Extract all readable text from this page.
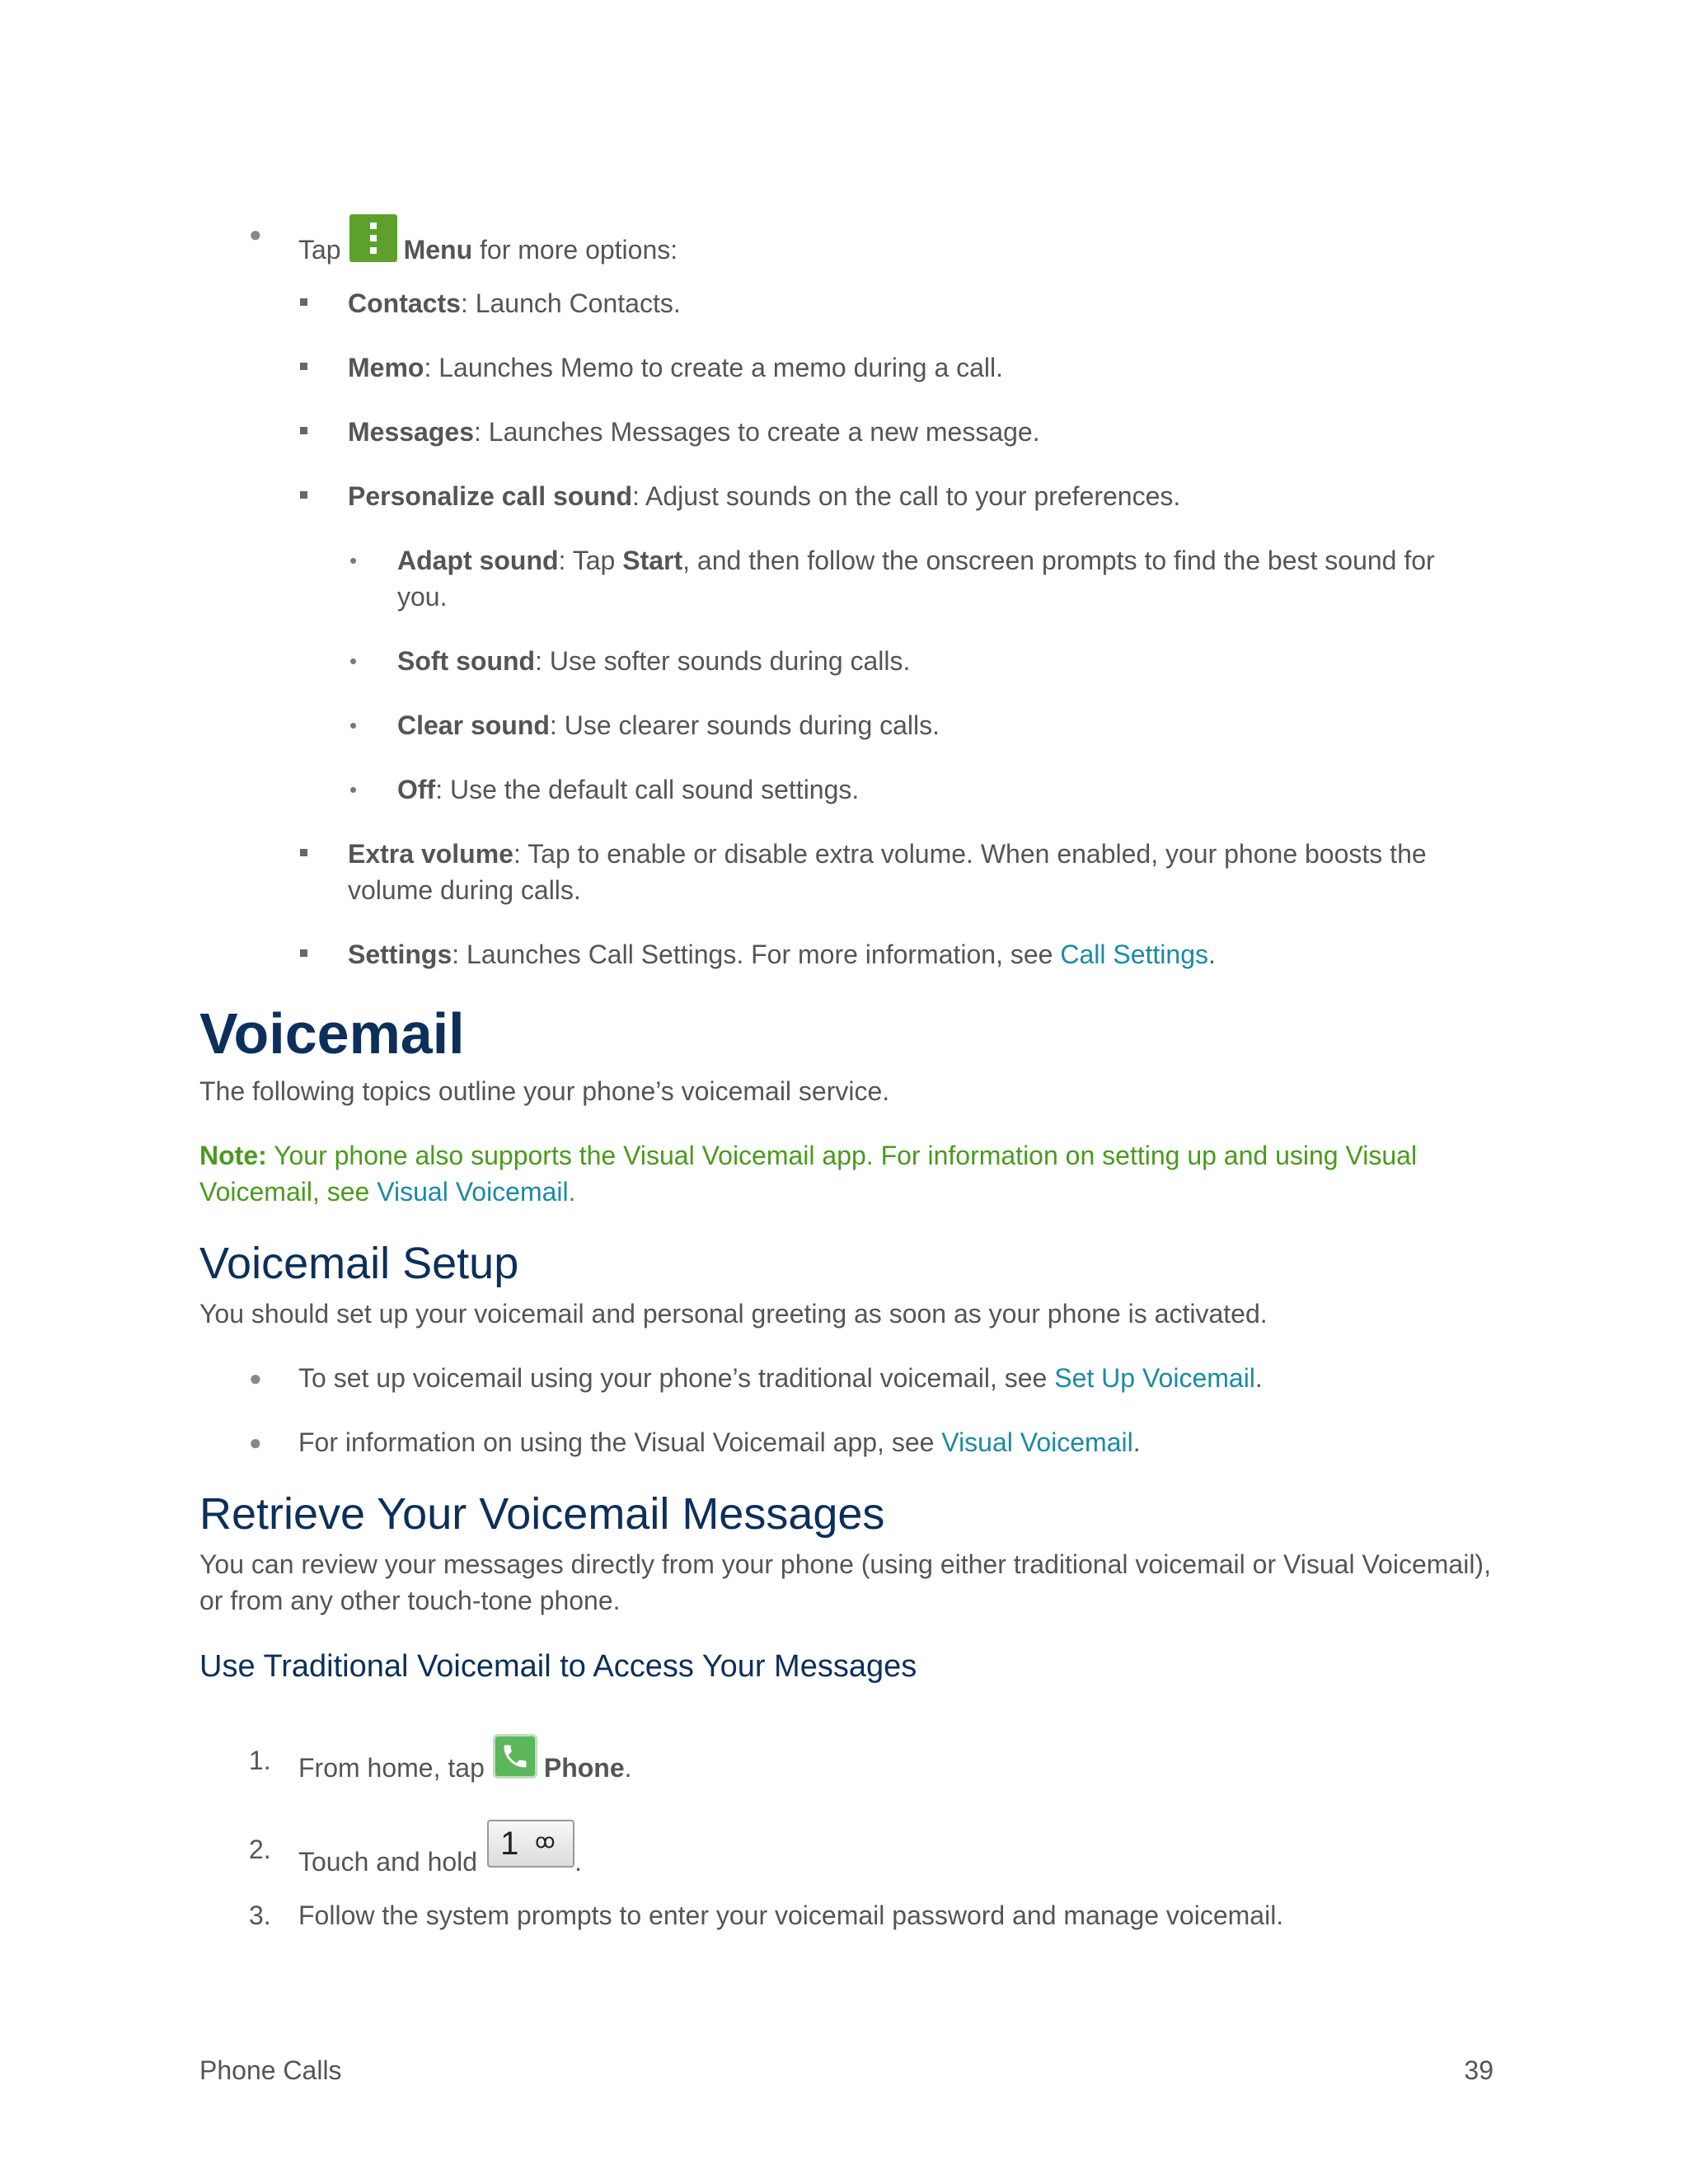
●
Tap Menu for more options:
Contacts: Launch Contacts.
Memo: Launches Memo to create a memo during a call.
Messages: Launches Messages to create a new message.
Personalize call sound: Adjust sounds on the call to your preferences.
• Adapt sound: Tap Start, and then follow the onscreen prompts to find the best sound for you.
• Soft sound: Use softer sounds during calls.
• Clear sound: Use clearer sounds during calls.
• Off: Use the default call sound settings.
Extra volume: Tap to enable or disable extra volume. When enabled, your phone boosts the volume during calls.
Settings: Launches Call Settings. For more information, see Call Settings.
Voicemail
The following topics outline your phone’s voicemail service.
Note: Your phone also supports the Visual Voicemail app. For information on setting up and using Visual Voicemail, see Visual Voicemail.
Voicemail Setup
You should set up your voicemail and personal greeting as soon as your phone is activated.
● To set up voicemail using your phone’s traditional voicemail, see Set Up Voicemail.
● For information on using the Visual Voicemail app, see Visual Voicemail.
Retrieve Your Voicemail Messages
You can review your messages directly from your phone (using either traditional voicemail or Visual Voicemail), or from any other touch-tone phone.
Use Traditional Voicemail to Access Your Messages
1. From home, tap Phone.
2. Touch and hold 1 ꝏ
.
3. Follow the system prompts to enter your voicemail password and manage voicemail.
Phone Calls	39
